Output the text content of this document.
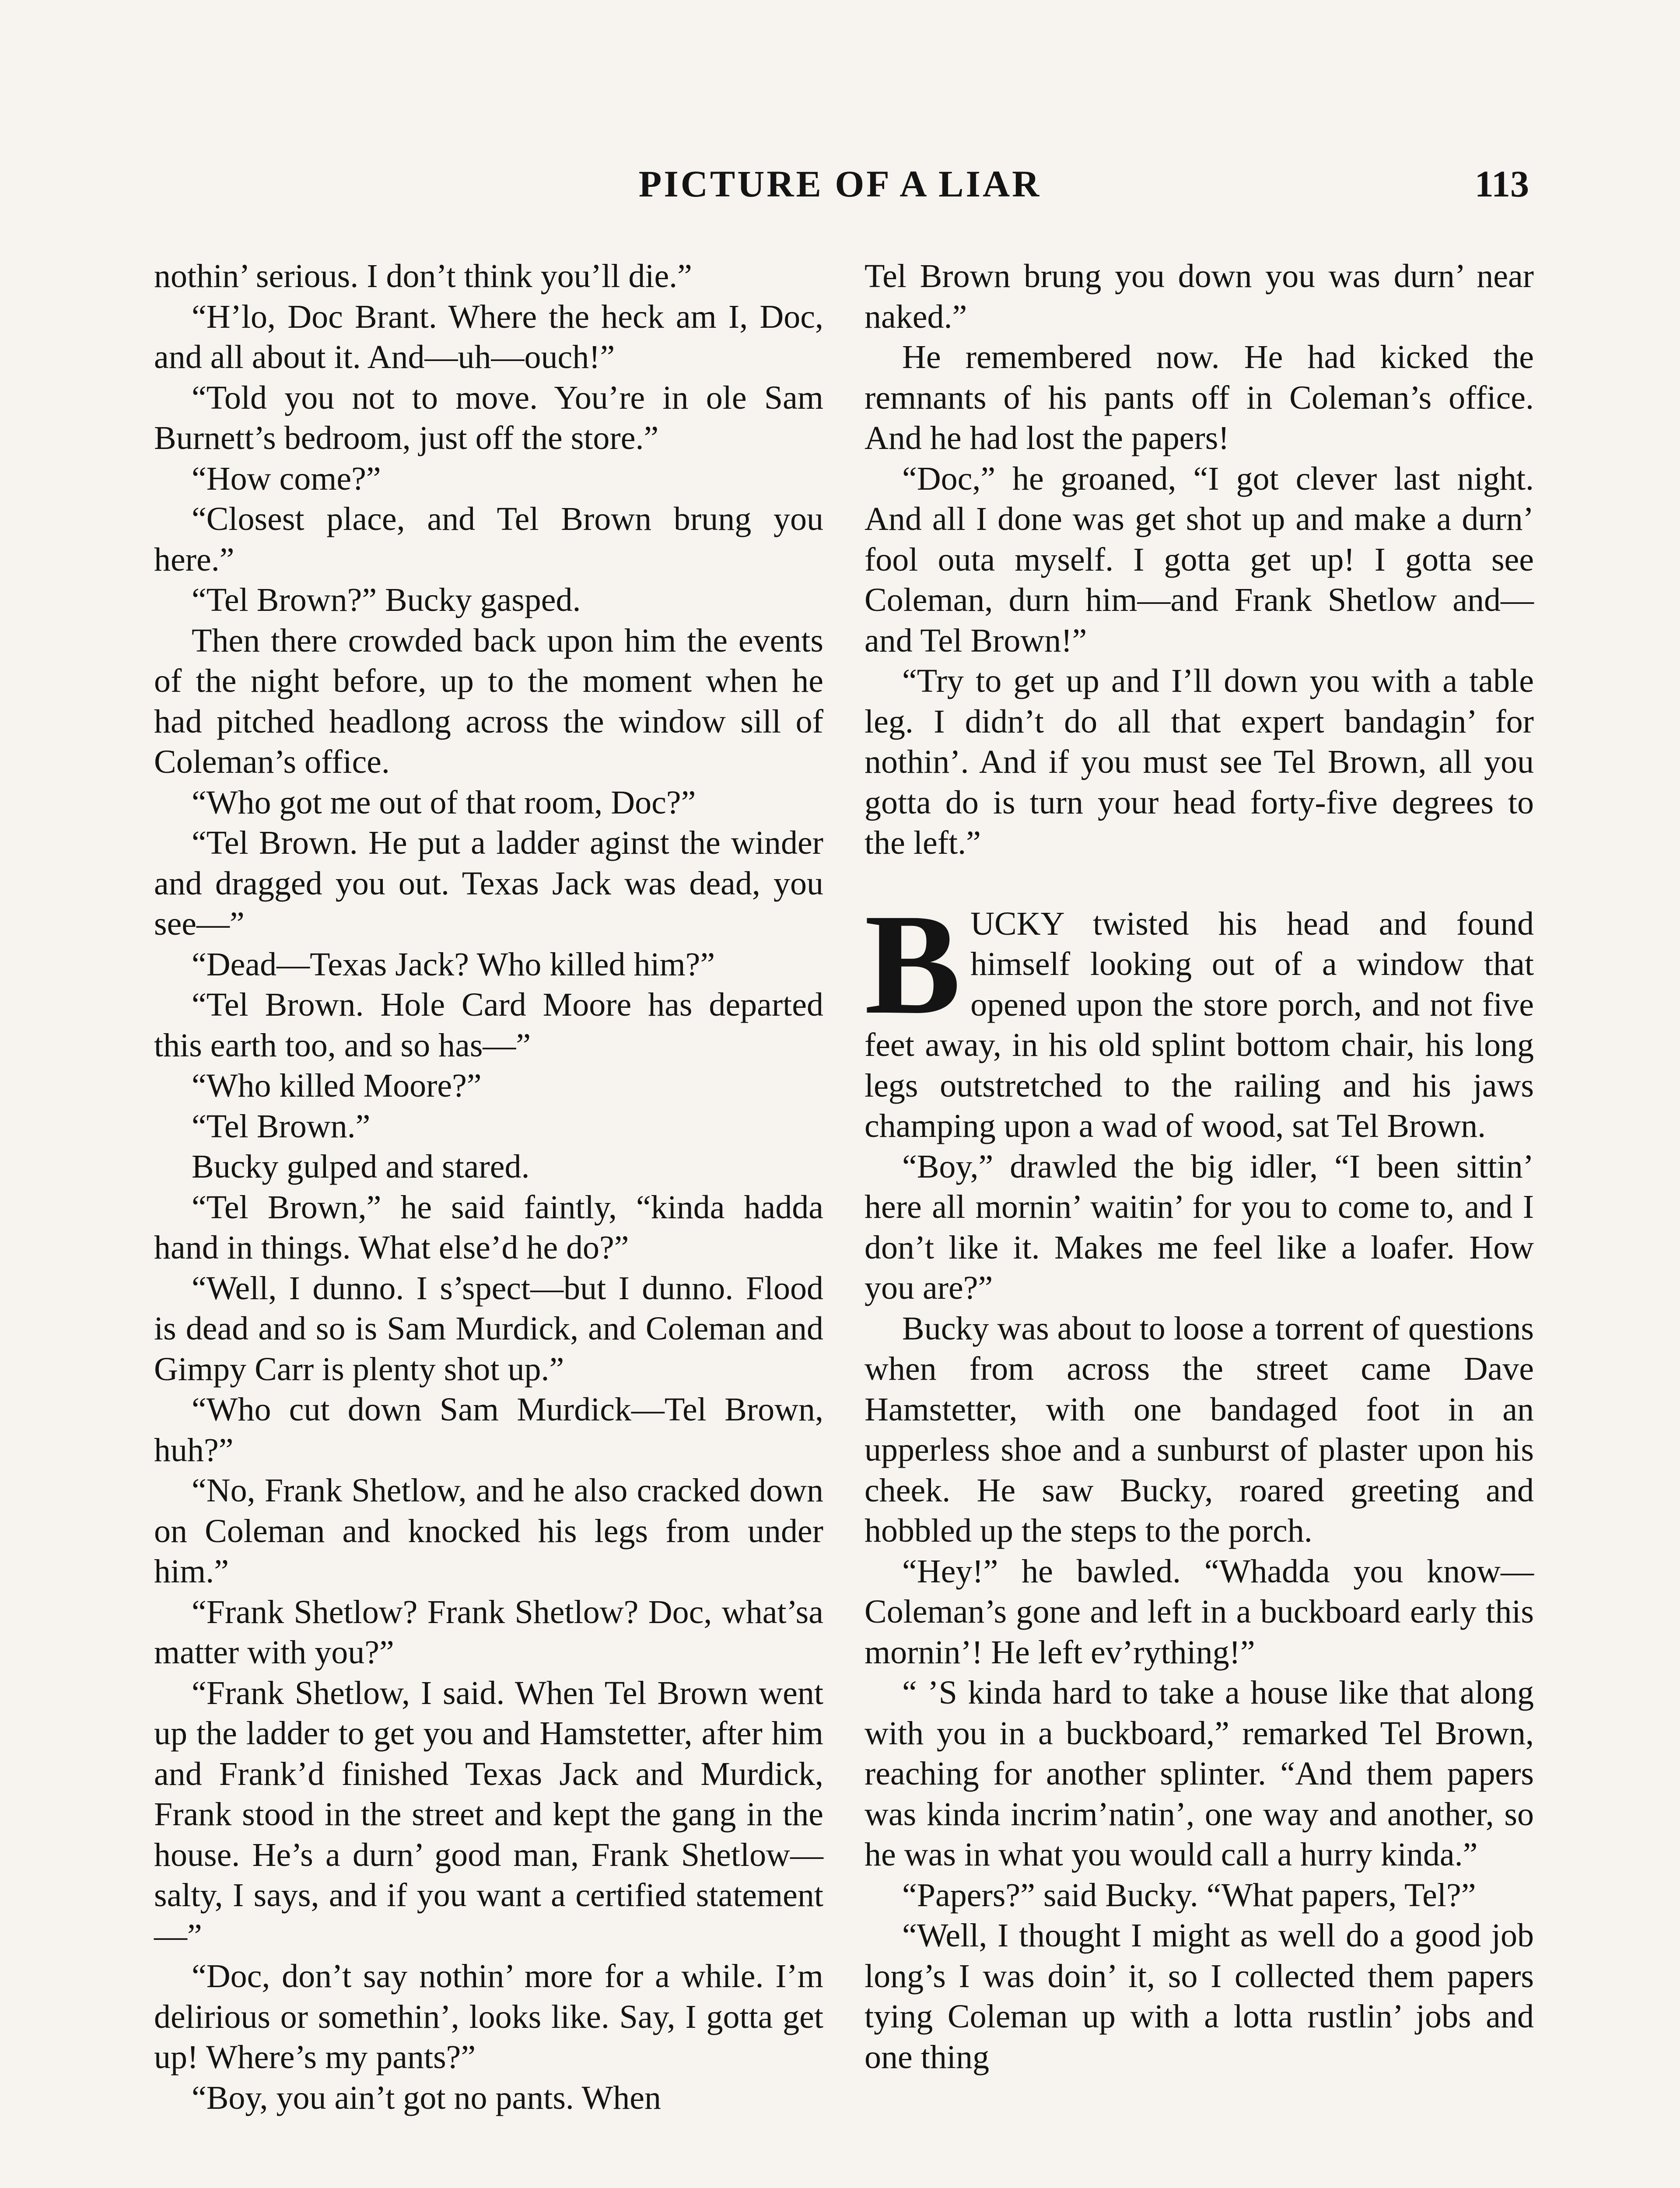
PICTURE OF A LIAR	113

nothin’ serious. I don’t think you’ll die.”

“H’lo, Doc Brant. Where the heck am I, Doc, and all about it. And—uh—ouch!”

“Told you not to move. You’re in ole Sam Burnett’s bedroom, just off the store.”

“How come?”

“Closest place, and Tel Brown brung you here.”

“Tel Brown?” Bucky gasped.

Then there crowded back upon him the events of the night before, up to the moment when he had pitched headlong across the window sill of Coleman’s office.

“Who got me out of that room, Doc?”

“Tel Brown. He put a ladder aginst the winder and dragged you out. Texas Jack was dead, you see—”

“Dead—Texas Jack? Who killed him?”

“Tel Brown. Hole Card Moore has departed this earth too, and so has—”

“Who killed Moore?”

“Tel Brown.”

Bucky gulped and stared.

“Tel Brown,” he said faintly, “kinda hadda hand in things. What else’d he do?”

“Well, I dunno. I s’spect—but I dunno. Flood is dead and so is Sam Murdick, and Coleman and Gimpy Carr is plenty shot up.”

“Who cut down Sam Murdick—Tel Brown, huh?”

“No, Frank Shetlow, and he also cracked down on Coleman and knocked his legs from under him.”

“Frank Shetlow? Frank Shetlow? Doc, what’sa matter with you?”

“Frank Shetlow, I said. When Tel Brown went up the ladder to get you and Hamstetter, after him and Frank’d finished Texas Jack and Murdick, Frank stood in the street and kept the gang in the house. He’s a durn’ good man, Frank Shetlow—salty, I says, and if you want a certified statement—”

“Doc, don’t say nothin’ more for a while. I’m delirious or somethin’, looks like. Say, I gotta get up! Where’s my pants?”

“Boy, you ain’t got no pants. When

Tel Brown brung you down you was durn’ near naked.”

He remembered now. He had kicked the remnants of his pants off in Coleman’s office. And he had lost the papers!

“Doc,” he groaned, “I got clever last night. And all I done was get shot up and make a durn’ fool outa myself. I gotta get up! I gotta see Coleman, durn him—and Frank Shetlow and—and Tel Brown!”

“Try to get up and I’ll down you with a table leg. I didn’t do all that expert bandagin’ for nothin’. And if you must see Tel Brown, all you gotta do is turn your head forty-five degrees to the left.”

BUCKY twisted his head and found himself looking out of a window that opened upon the store porch, and not five feet away, in his old splint bottom chair, his long legs outstretched to the railing and his jaws champing upon a wad of wood, sat Tel Brown.

“Boy,” drawled the big idler, “I been sittin’ here all mornin’ waitin’ for you to come to, and I don’t like it. Makes me feel like a loafer. How you are?”

Bucky was about to loose a torrent of questions when from across the street came Dave Hamstetter, with one bandaged foot in an upperless shoe and a sunburst of plaster upon his cheek. He saw Bucky, roared greeting and hobbled up the steps to the porch.

“Hey!” he bawled. “Whadda you know—Coleman’s gone and left in a buckboard early this mornin’! He left ev’rything!”

“ ’S kinda hard to take a house like that along with you in a buckboard,” remarked Tel Brown, reaching for another splinter. “And them papers was kinda incrim’natin’, one way and another, so he was in what you would call a hurry kinda.”

“Papers?” said Bucky. “What papers, Tel?”

“Well, I thought I might as well do a good job long’s I was doin’ it, so I collected them papers tying Coleman up with a lotta rustlin’ jobs and one thing
